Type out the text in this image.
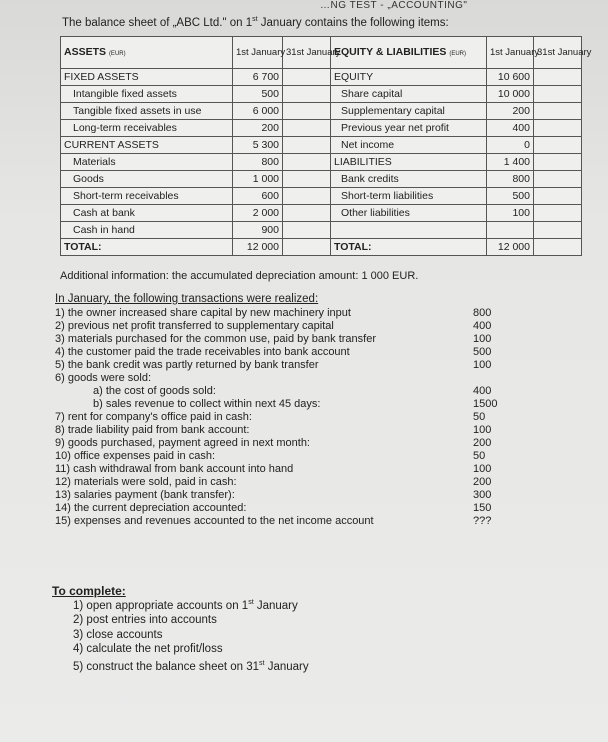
…NG TEST - „ACCOUNTING"
The balance sheet of „ABC Ltd." on 1st January contains the following items:
ASSETS (EUR)	1st January	31st January	EQUITY & LIABILITIES (EUR)	1st January	31st January
FIXED ASSETS	6 700		EQUITY	10 600	
Intangible fixed assets	500		Share capital	10 000	
Tangible fixed assets in use	6 000		Supplementary capital	200	
Long-term receivables	200		Previous year net profit	400	
CURRENT ASSETS	5 300		Net income	0	
Materials	800		LIABILITIES	1 400	
Goods	1 000		Bank credits	800	
Short-term receivables	600		Short-term liabilities	500	
Cash at bank	2 000		Other liabilities	100	
Cash in hand	900				
TOTAL:	12 000		TOTAL:	12 000	
Additional information: the accumulated depreciation amount: 1 000 EUR.
In January, the following transactions were realized:
1) the owner increased share capital by new machinery input	800
2) previous net profit transferred to supplementary capital	400
3) materials purchased for the common use, paid by bank transfer	100
4) the customer paid the trade receivables into bank account	500
5) the bank credit was partly returned by bank transfer	100
6) goods were sold:
a) the cost of goods sold:	400
b) sales revenue to collect within next 45 days:	1500
7) rent for company's office paid in cash:	50
8) trade liability paid from bank account:	100
9) goods purchased, payment agreed in next month:	200
10) office expenses paid in cash:	50
11) cash withdrawal from bank account into hand	100
12) materials were sold, paid in cash:	200
13) salaries payment (bank transfer):	300
14) the current depreciation accounted:	150
15) expenses and revenues accounted to the net income account	???
To complete:
1) open appropriate accounts on 1st January
2) post entries into accounts
3) close accounts
4) calculate the net profit/loss
5) construct the balance sheet on 31st January
